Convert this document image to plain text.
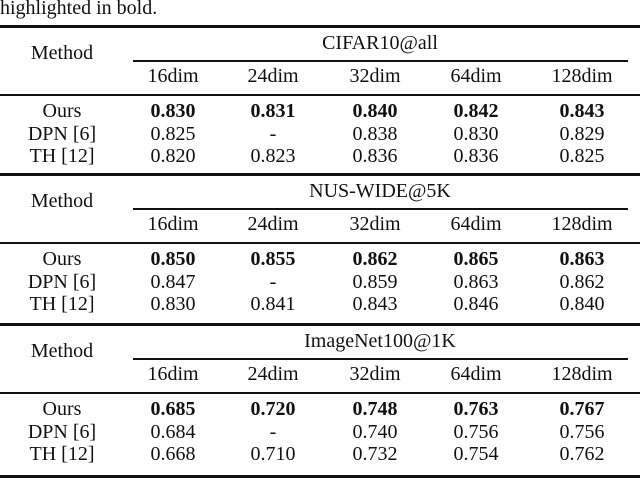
highlighted in bold.
Method	CIFAR10@all
16dim 24dim	32dim 64dim 128dim
Ours	0.830	0.831	0.840	0.842	0.843
DPN [6]	0.825	-	0.838	0.830	0.829
TH [12]	0.820	0.823	0.836	0.836	0.825
Method	NUS-WIDE@5K
16dim 24dim	32dim 64dim 128dim
Ours	0.850	0.855	0.862	0.865	0.863
DPN [6]	0.847	-	0.859	0.863	0.862
TH [12]	0.830	0.841	0.843	0.846	0.840
Method	ImageNet100@1K
16dim 24dim	32dim 64dim 128dim
Ours	0.685	0.720	0.748	0.763	0.767
DPN [6]	0.684	-	0.740	0.756	0.756
TH [12]	0.668	0.710	0.732	0.754	0.762
